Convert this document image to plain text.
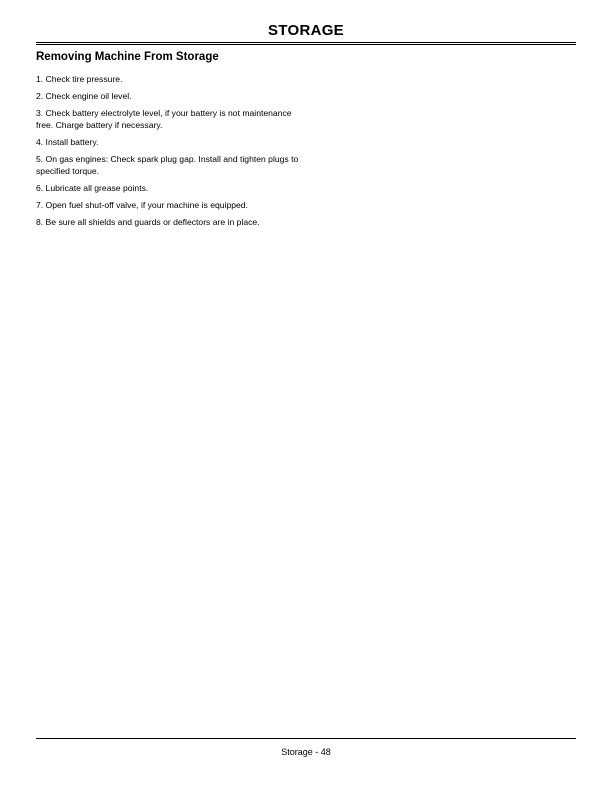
STORAGE
Removing Machine From Storage
1. Check tire pressure.
2. Check engine oil level.
3. Check battery electrolyte level, if your battery is not maintenance free. Charge battery if necessary.
4. Install battery.
5. On gas engines: Check spark plug gap. Install and tighten plugs to specified torque.
6. Lubricate all grease points.
7. Open fuel shut-off valve, if your machine is equipped.
8. Be sure all shields and guards or deflectors are in place.
Storage - 48
